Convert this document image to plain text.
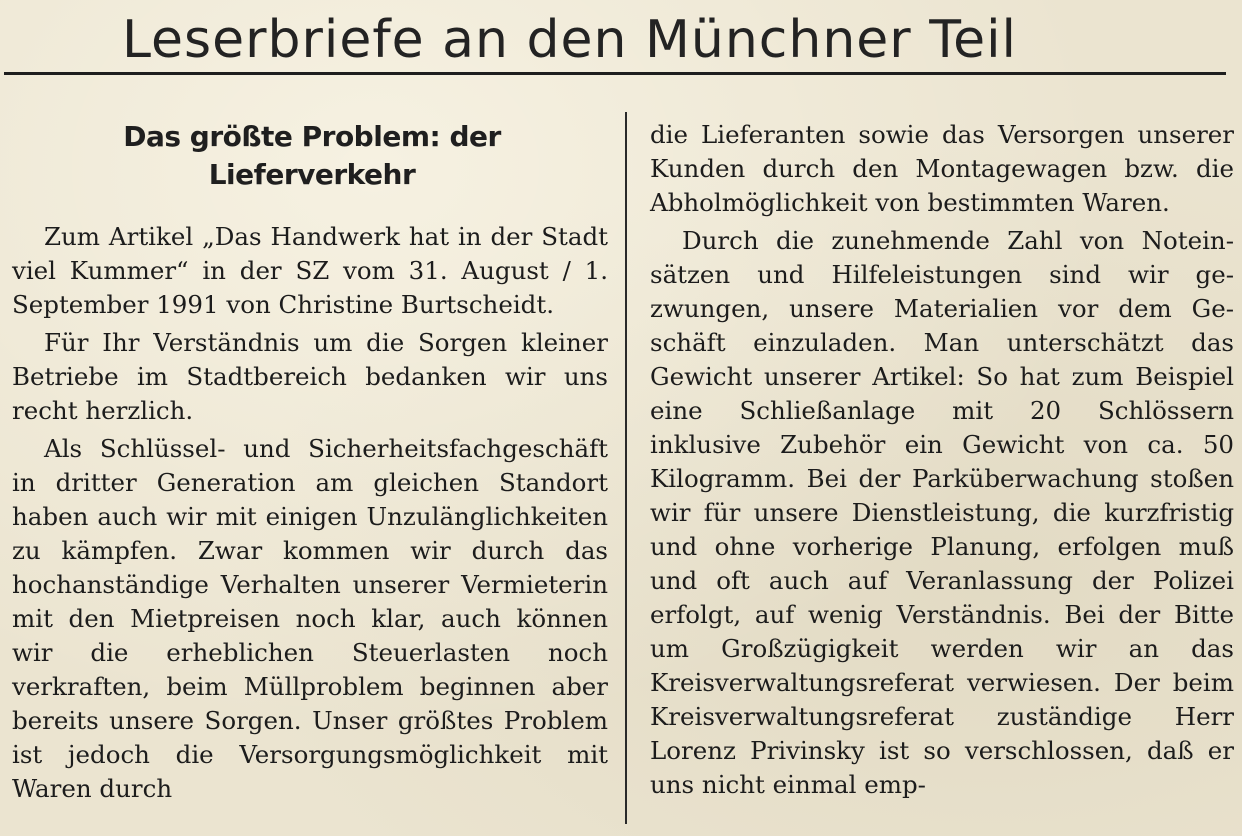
Leserbriefe an den Münchner Teil
Das größte Problem: der Lieferverkehr

Zum Artikel „Das Handwerk hat in der Stadt viel Kummer“ in der SZ vom 31. August / 1. September 1991 von Christine Burtscheidt.

Für Ihr Verständnis um die Sorgen kleiner Betriebe im Stadtbereich bedanken wir uns recht herzlich.

Als Schlüssel- und Sicherheitsfachgeschäft in dritter Generation am gleichen Standort haben auch wir mit einigen Unzulänglichkeiten zu kämpfen. Zwar kommen wir durch das hochanständige Verhalten unserer Vermieterin mit den Mietpreisen noch klar, auch können wir die erheblichen Steuerlasten noch verkraften, beim Müllproblem beginnen aber bereits unsere Sorgen. Unser größtes Problem ist jedoch die Versorgungsmöglichkeit mit Waren durch

die Lieferanten sowie das Versorgen unserer Kunden durch den Montagewagen bzw. die Abholmöglichkeit von bestimmten Waren.

Durch die zunehmende Zahl von Noteinsätzen und Hilfeleistungen sind wir gezwungen, unsere Materialien vor dem Geschäft einzuladen. Man unterschätzt das Gewicht unserer Artikel: So hat zum Beispiel eine Schließanlage mit 20 Schlössern inklusive Zubehör ein Gewicht von ca. 50 Kilogramm. Bei der Parküberwachung stoßen wir für unsere Dienstleistung, die kurzfristig und ohne vorherige Planung, erfolgen muß und oft auch auf Veranlassung der Polizei erfolgt, auf wenig Verständnis. Bei der Bitte um Großzügigkeit werden wir an das Kreisverwaltungsreferat verwiesen. Der beim Kreisverwaltungsreferat zuständige Herr Lorenz Privinsky ist so verschlossen, daß er uns nicht einmal emp-
